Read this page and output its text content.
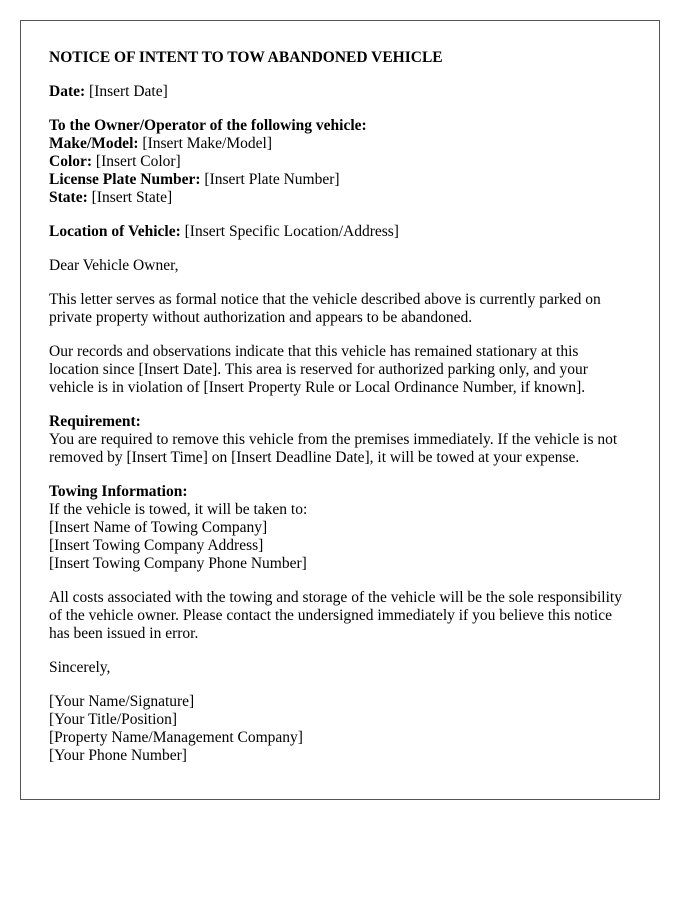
NOTICE OF INTENT TO TOW ABANDONED VEHICLE
Date: [Insert Date]
To the Owner/Operator of the following vehicle:
Make/Model: [Insert Make/Model]
Color: [Insert Color]
License Plate Number: [Insert Plate Number]
State: [Insert State]
Location of Vehicle: [Insert Specific Location/Address]

Dear Vehicle Owner,

This letter serves as formal notice that the vehicle described above is currently parked on private property without authorization and appears to be abandoned.

Our records and observations indicate that this vehicle has remained stationary at this location since [Insert Date]. This area is reserved for authorized parking only, and your vehicle is in violation of [Insert Property Rule or Local Ordinance Number, if known].

Requirement:
You are required to remove this vehicle from the premises immediately. If the vehicle is not removed by [Insert Time] on [Insert Deadline Date], it will be towed at your expense.
Towing Information:
If the vehicle is towed, it will be taken to:
[Insert Name of Towing Company]
[Insert Towing Company Address]
[Insert Towing Company Phone Number]

All costs associated with the towing and storage of the vehicle will be the sole responsibility of the vehicle owner. Please contact the undersigned immediately if you believe this notice has been issued in error.

Sincerely,

[Your Name/Signature]
[Your Title/Position]
[Property Name/Management Company]
[Your Phone Number]
